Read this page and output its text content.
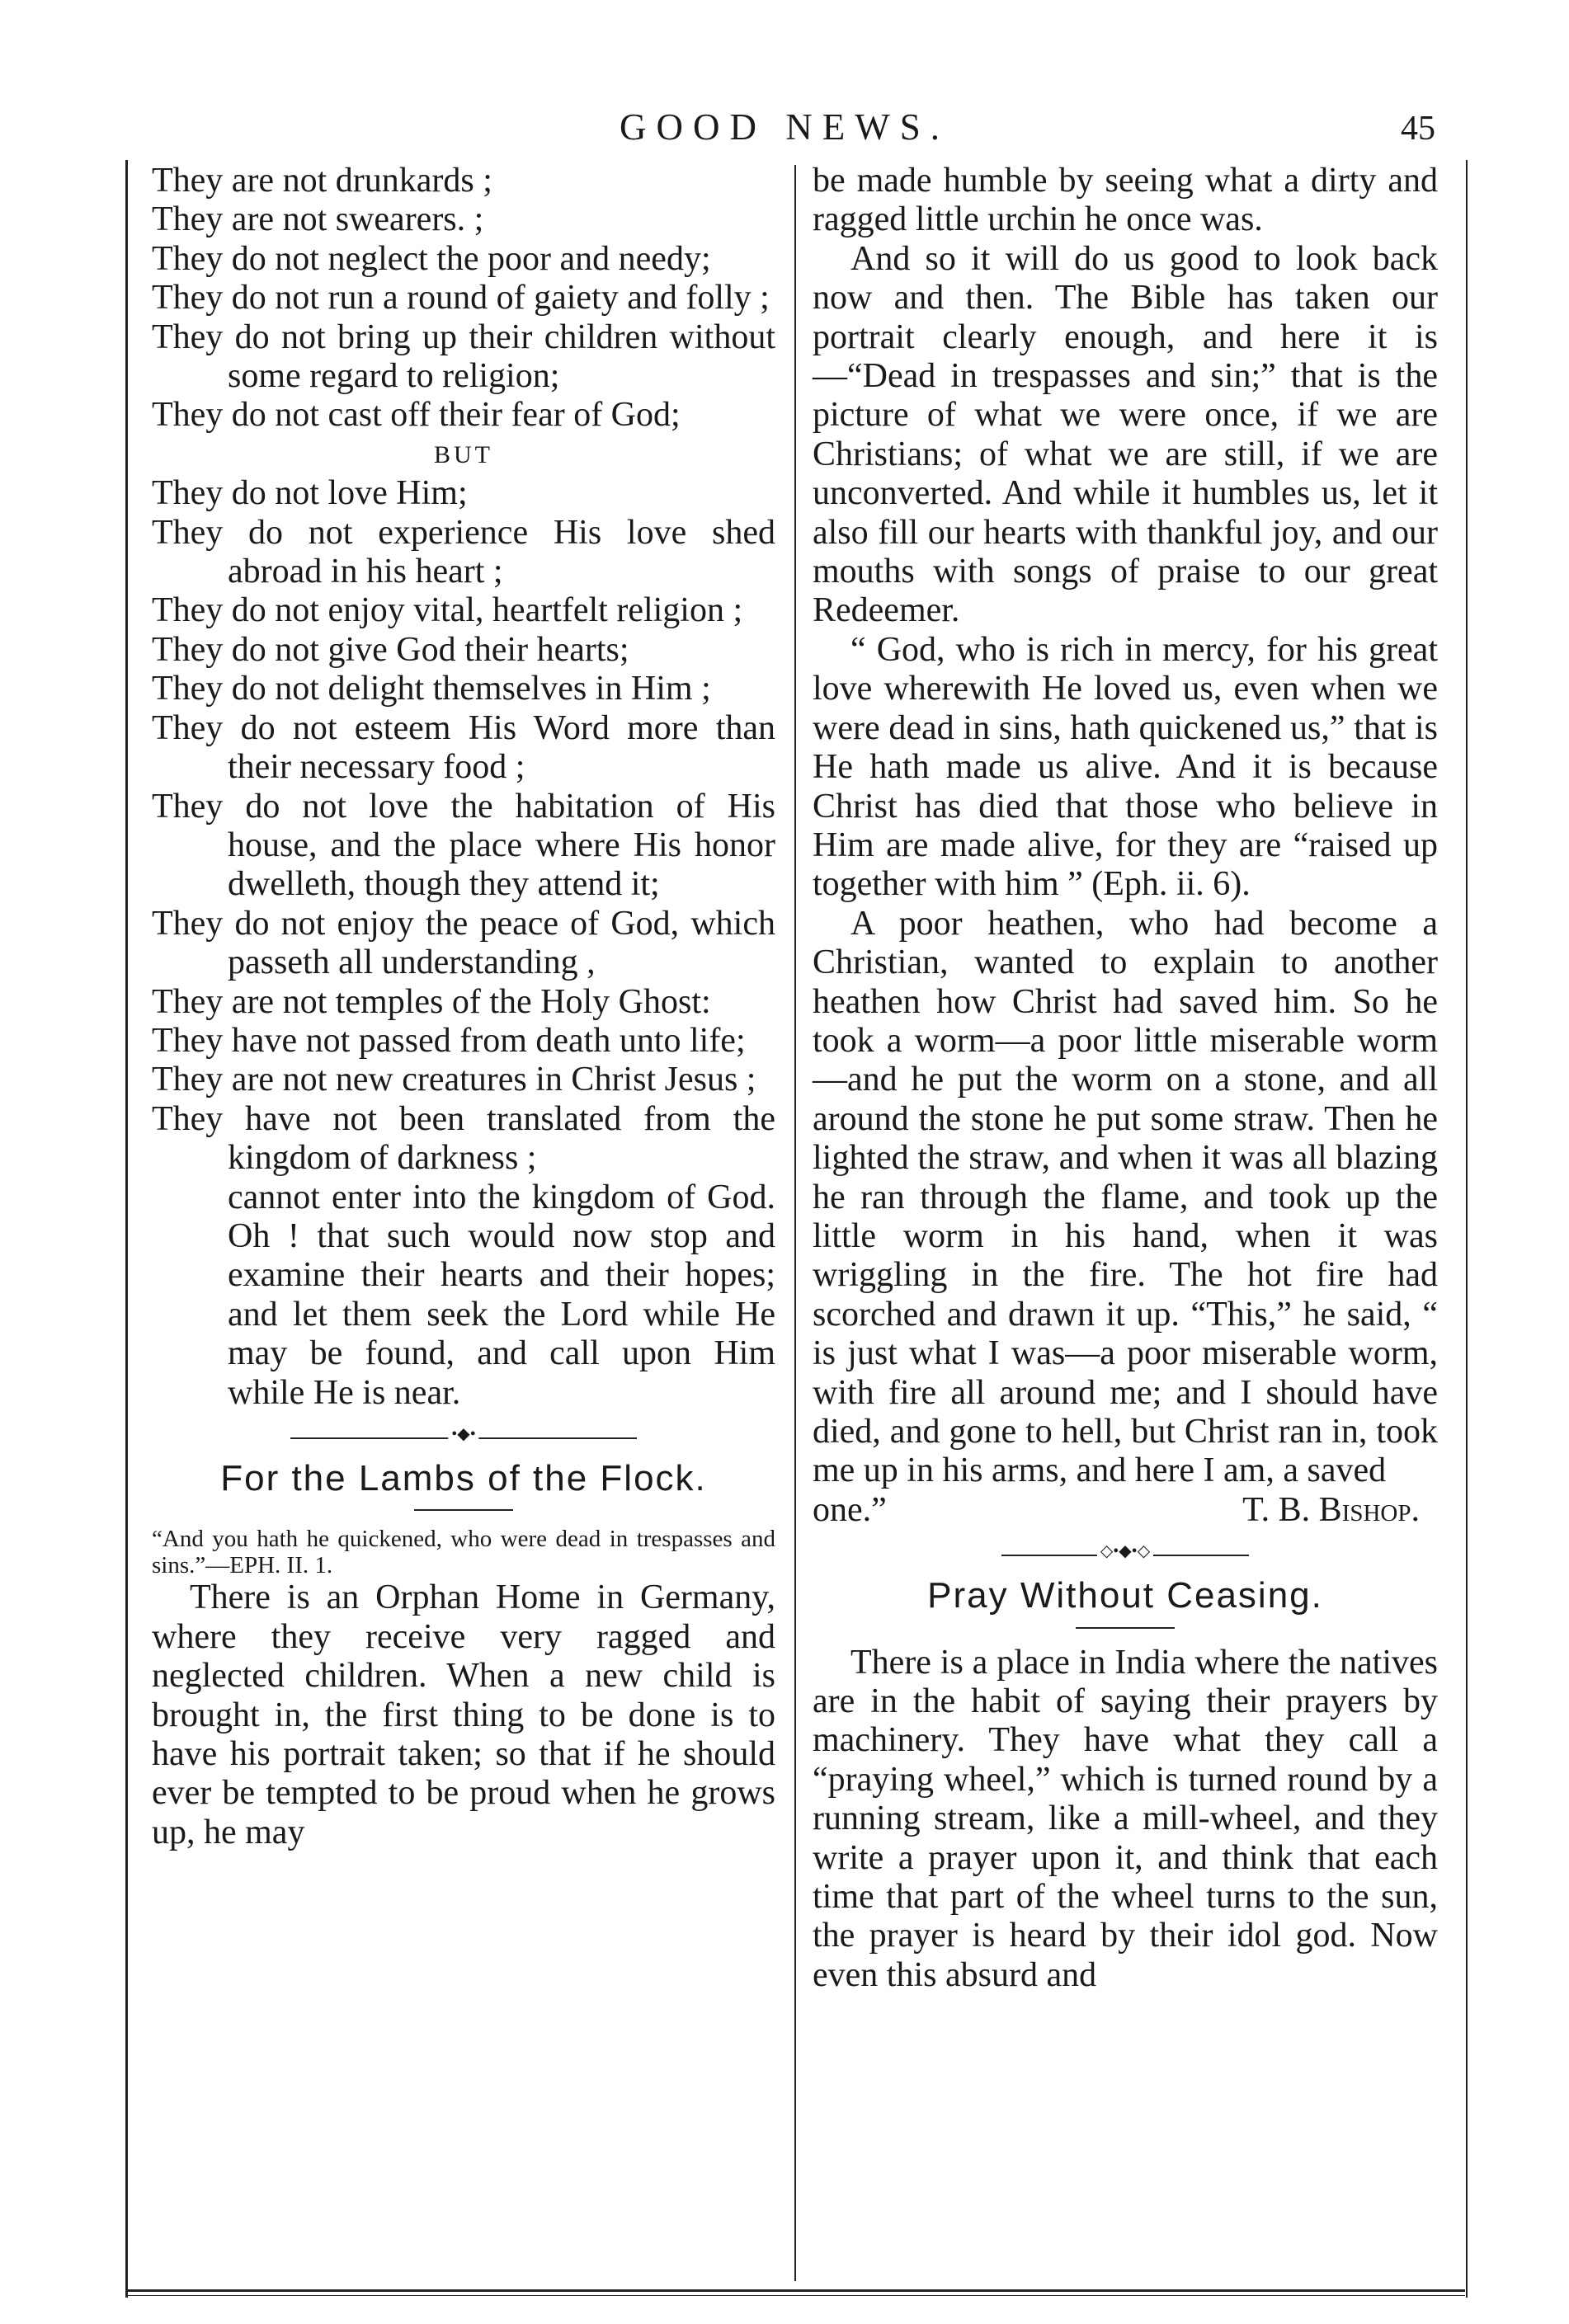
GOOD NEWS.	45

They are not drunkards ;

They are not swearers. ;

They do not neglect the poor and needy;

They do not run a round of gaiety and folly ;

They do not bring up their children without some regard to religion;

They do not cast off their fear of God;

BUT

They do not love Him;

They do not experience His love shed abroad in his heart ;

They do not enjoy vital, heartfelt religion ;

They do not give God their hearts;

They do not delight themselves in Him ;

They do not esteem His Word more than their necessary food ;

They do not love the habitation of His house, and the place where His honor dwelleth, though they attend it;

They do not enjoy the peace of God, which passeth all understanding ,

They are not temples of the Holy Ghost:

They have not passed from death unto life;

They are not new creatures in Christ Jesus ;

They have not been translated from the kingdom of darkness ;

cannot enter into the kingdom of God. Oh ! that such would now stop and examine their hearts and their hopes; and let them seek the Lord while He may be found, and call upon Him while He is near.

•◆•

For the Lambs of the Flock.

“And you hath he quickened, who were dead in trespasses and sins.”—EPH. II. 1.

There is an Orphan Home in Germany, where they receive very ragged and neglected children. When a new child is brought in, the first thing to be done is to have his portrait taken; so that if he should ever be tempted to be proud when he grows up, he may

be made humble by seeing what a dirty and ragged little urchin he once was.

And so it will do us good to look back now and then. The Bible has taken our portrait clearly enough, and here it is—“Dead in trespasses and sin;” that is the picture of what we were once, if we are Christians; of what we are still, if we are unconverted. And while it humbles us, let it also fill our hearts with thankful joy, and our mouths with songs of praise to our great Redeemer.

“ God, who is rich in mercy, for his great love wherewith He loved us, even when we were dead in sins, hath quickened us,” that is He hath made us alive. And it is because Christ has died that those who believe in Him are made alive, for they are “raised up together with him ” (Eph. ii. 6).

A poor heathen, who had become a Christian, wanted to explain to another heathen how Christ had saved him. So he took a worm—a poor little miserable worm—and he put the worm on a stone, and all around the stone he put some straw. Then he lighted the straw, and when it was all blazing he ran through the flame, and took up the little worm in his hand, when it was wriggling in the fire. The hot fire had scorched and drawn it up. “This,” he said, “ is just what I was—a poor miserable worm, with fire all around me; and I should have died, and gone to hell, but Christ ran in, took me up in his arms, and here I am, a saved

one.”	T. B. Bishop.

◇•◆•◇

Pray Without Ceasing.

There is a place in India where the natives are in the habit of saying their prayers by machinery. They have what they call a “praying wheel,” which is turned round by a running stream, like a mill-wheel, and they write a prayer upon it, and think that each time that part of the wheel turns to the sun, the prayer is heard by their idol god. Now even this absurd and
